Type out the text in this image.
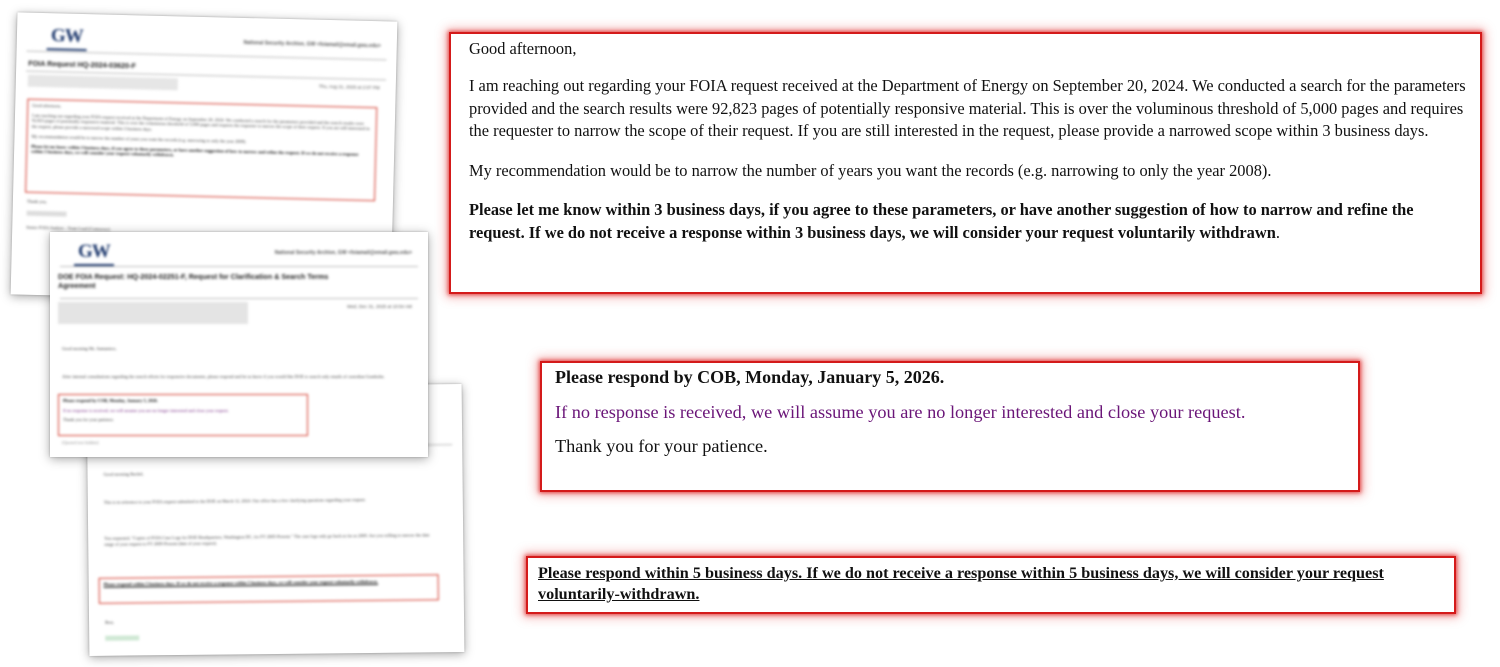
GW	National Security Archive, GW <foiamail@email.gwu.edu>
FOIA Request HQ-2024-03620-F
Thu, Aug 21, 2025 at 2:07 PM
Good afternoon,
I am reaching out regarding your FOIA request received at the Department of Energy on September 20, 2024. We conducted a search for the parameters provided and the search results were 92,823 pages of potentially responsive material. This is over the voluminous threshold of 5,000 pages and requires the requester to narrow the scope of their request. If you are still interested in the request, please provide a narrowed scope within 3 business days.
My recommendation would be to narrow the number of years you want the records (e.g. narrowing to only the year 2008).
Please let me know within 3 business days, if you agree to these parameters, or have another suggestion of how to narrow and refine the request. If we do not receive a response within 3 business days, we will consider your request voluntarily withdrawn.
Thank you,
Senior FOIA Analyst – Team Lead (Contractor)
Good morning Rachel,
This is in reference to your FOIA request submitted to the DOE on March 12, 2024. Our office has a few clarifying questions regarding your request.
You requested, "Copies of FOIA Case Logs for DOE Headquarters, Washington DC, for FY 2005-Present." The case logs only go back as far as 2009. Are you willing to narrow the date range of your request to FY 2009-Present (date of your request).
Please respond within 5 business days. If we do not receive a response within 5 business days, we will consider your request voluntarily-withdrawn.
Best,
GW	National Security Archive, GW <foiamail@email.gwu.edu>
DOE FOIA Request: HQ-2024-02251-F, Request for Clarification & Search Terms Agreement
Wed, Dec 31, 2025 at 10:54 AM
Good morning Ms. Santaniero,
After internal consultations regarding the search efforts for responsive documents, please respond and let us know if you would like DOE to search only emails of custodian Granholm.
Please respond by COB, Monday, January 5, 2026.
If no response is received, we will assume you are no longer interested and close your request.
Thank you for your patience.
[Quoted text hidden]

Good afternoon,

I am reaching out regarding your FOIA request received at the Department of Energy on September 20, 2024. We conducted a search for the parameters provided and the search results were 92,823 pages of potentially responsive material. This is over the voluminous threshold of 5,000 pages and requires the requester to narrow the scope of their request. If you are still interested in the request, please provide a narrowed scope within 3 business days.

My recommendation would be to narrow the number of years you want the records (e.g. narrowing to only the year 2008).

Please let me know within 3 business days, if you agree to these parameters, or have another suggestion of how to narrow and refine the request. If we do not receive a response within 3 business days, we will consider your request voluntarily withdrawn.

Please respond by COB, Monday, January 5, 2026.

If no response is received, we will assume you are no longer interested and close your request.

Thank you for your patience.

Please respond within 5 business days. If we do not receive a response within 5 business days, we will consider your request voluntarily-withdrawn.
